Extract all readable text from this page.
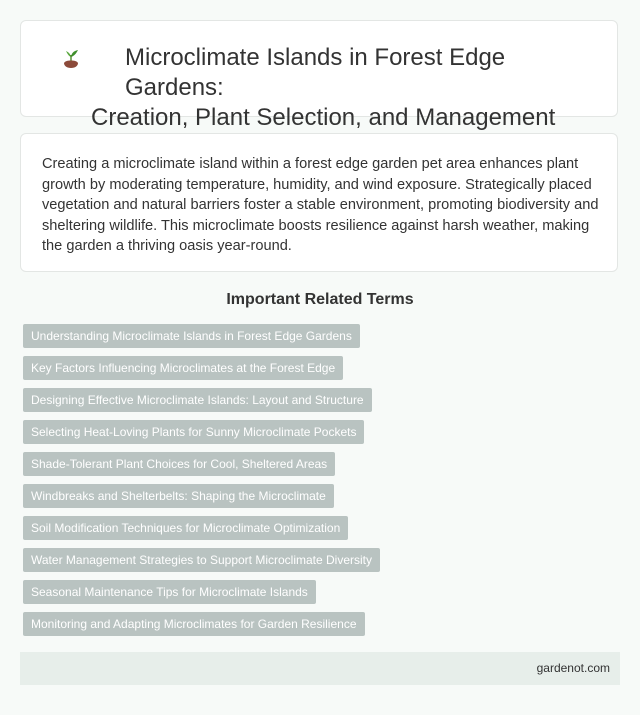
Microclimate Islands in Forest Edge Gardens:
Creation, Plant Selection, and Management

Creating a microclimate island within a forest edge garden pet area enhances plant growth by moderating temperature, humidity, and wind exposure. Strategically placed vegetation and natural barriers foster a stable environment, promoting biodiversity and sheltering wildlife. This microclimate boosts resilience against harsh weather, making the garden a thriving oasis year-round.

Important Related Terms
Understanding Microclimate Islands in Forest Edge Gardens
Key Factors Influencing Microclimates at the Forest Edge
Designing Effective Microclimate Islands: Layout and Structure
Selecting Heat-Loving Plants for Sunny Microclimate Pockets
Shade-Tolerant Plant Choices for Cool, Sheltered Areas
Windbreaks and Shelterbelts: Shaping the Microclimate
Soil Modification Techniques for Microclimate Optimization
Water Management Strategies to Support Microclimate Diversity
Seasonal Maintenance Tips for Microclimate Islands
Monitoring and Adapting Microclimates for Garden Resilience
gardenot.com
